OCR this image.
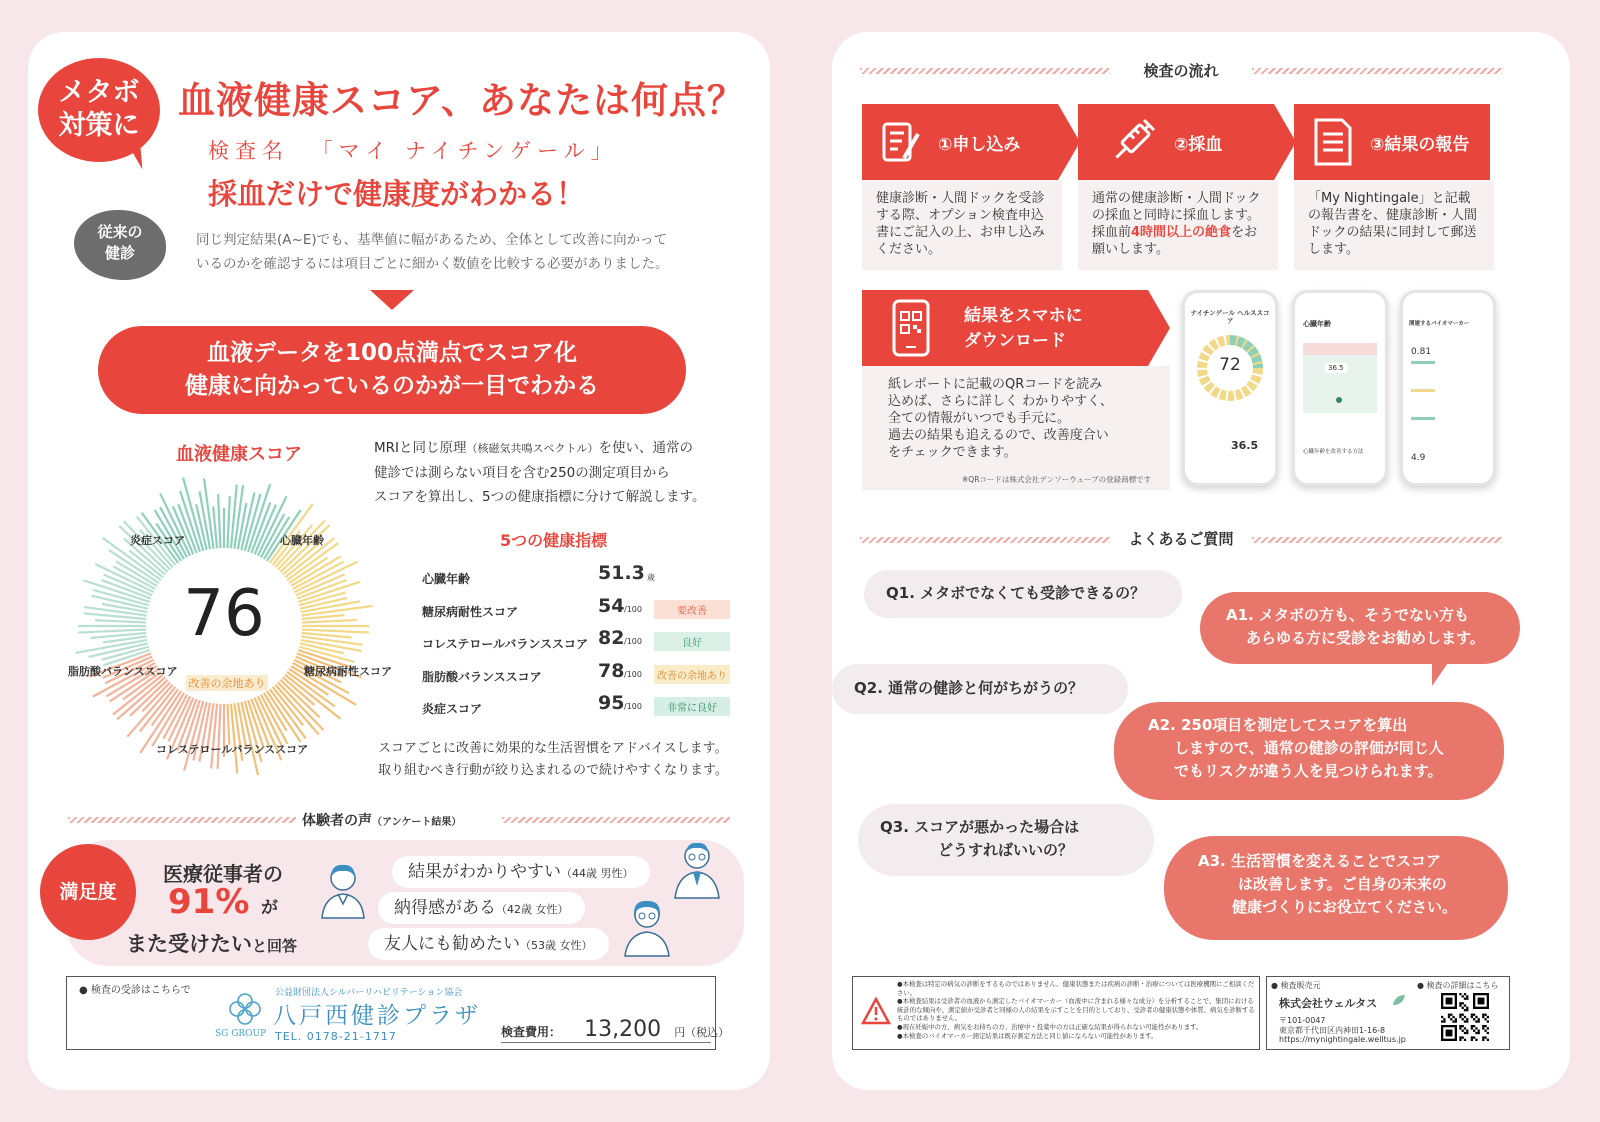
メタボ
対策に
血液健康スコア、あなたは何点？
検査名 「マイ ナイチンゲール」
採血だけで健康度がわかる！
従来の
健診
同じ判定結果(A~E)でも、基準値に幅があるため、全体として改善に向かって
いるのかを確認するには項目ごとに細かく数値を比較する必要がありました。
血液データを100点満点でスコア化
健康に向かっているのかが一目でわかる
血液健康スコア
76
改善の余地あり
炎症スコア	心臓年齢
糖尿病耐性スコア
コレステロールバランススコア
脂肪酸バランススコア
MRIと同じ原理（核磁気共鳴スペクトル）を使い、通常の
健診では測らない項目を含む250の測定項目から
スコアを算出し、5つの健康指標に分けて解説します。
5つの健康指標
心臓年齢	51.3 歳
糖尿病耐性スコア	54 /100	要改善
コレステロールバランススコア 82 /100	良好
脂肪酸バランススコア	78 /100	改善の余地あり
炎症スコア	95 /100	非常に良好
スコアごとに改善に効果的な生活習慣をアドバイスします。
取り組むべき行動が絞り込まれるので続けやすくなります。
体験者の声（アンケート結果）
満足度
医療従事者の
91% が
また受けたいと回答
結果がわかりやすい（44歳 男性）
納得感がある（42歳 女性）
友人にも勧めたい（53歳 女性）
● 検査の受診はこちらで
SG GROUP
公益財団法人シルバーリハビリテーション協会
八戸西健診プラザ
TEL. 0178-21-1717	検査費用： 13,200 円（税込）
検査の流れ
①申し込み
健康診断・人間ドックを受診する際、オプション検査申込書にご記入の上、お申し込みください。
②採血
通常の健康診断・人間ドックの採血と同時に採血します。採血前4時間以上の絶食をお願いします。
③結果の報告
「My Nightingale」と記載の報告書を、健康診断・人間ドックの結果に同封して郵送します。
結果をスマホに
ダウンロード
紙レポートに記載のQRコードを読み
込めば、さらに詳しく わかりやすく、
全ての情報がいつでも手元に。
過去の結果も追えるので、改善度合い
をチェックできます。
※QRコードは株式会社デンソーウェーブの登録商標です
ナイチンゲール ヘルススコア
72
36.5
心臓年齢
36.5
心臓年齢を改善する方法
関連するバイオマーカー
0.81
4.9
よくあるご質問
Q1. メタボでなくても受診できるの？
A1. メタボの方も、そうでない方も
あらゆる方に受診をお勧めします。
Q2. 通常の健診と何がちがうの？
A2. 250項目を測定してスコアを算出
しますので、通常の健診の評価が同じ人
でもリスクが違う人を見つけられます。
Q3. スコアが悪かった場合は
どうすればいいの？
A3. 生活習慣を変えることでスコア
は改善します。ご自身の未来の
健康づくりにお役立てください。
●本検査は特定の病気の診断をするものではありません。健康状態または疾病の診断・治療については医療機関にご相談ください。
●本検査結果は受診者の血液から測定したバイオマーカー（血液中に含まれる様々な成分）を分析することで、集団における統計的な傾向や、測定値が受診者と同様の人の結果を示すことを目的としており、受診者の健康状態や体質、病気を診断するものではありません。
●現在妊娠中の方、病気をお持ちの方、治療中・投薬中の方は正確な結果が得られない可能性があります。
●本検査のバイオマーカー測定結果は既存測定方法と同じ値にならない可能性があります。
● 検査販売元	● 検査の詳細はこちら
株式会社ウェルタス
〒101-0047
東京都千代田区内神田1-16-8
https://mynightingale.welltus.jp
